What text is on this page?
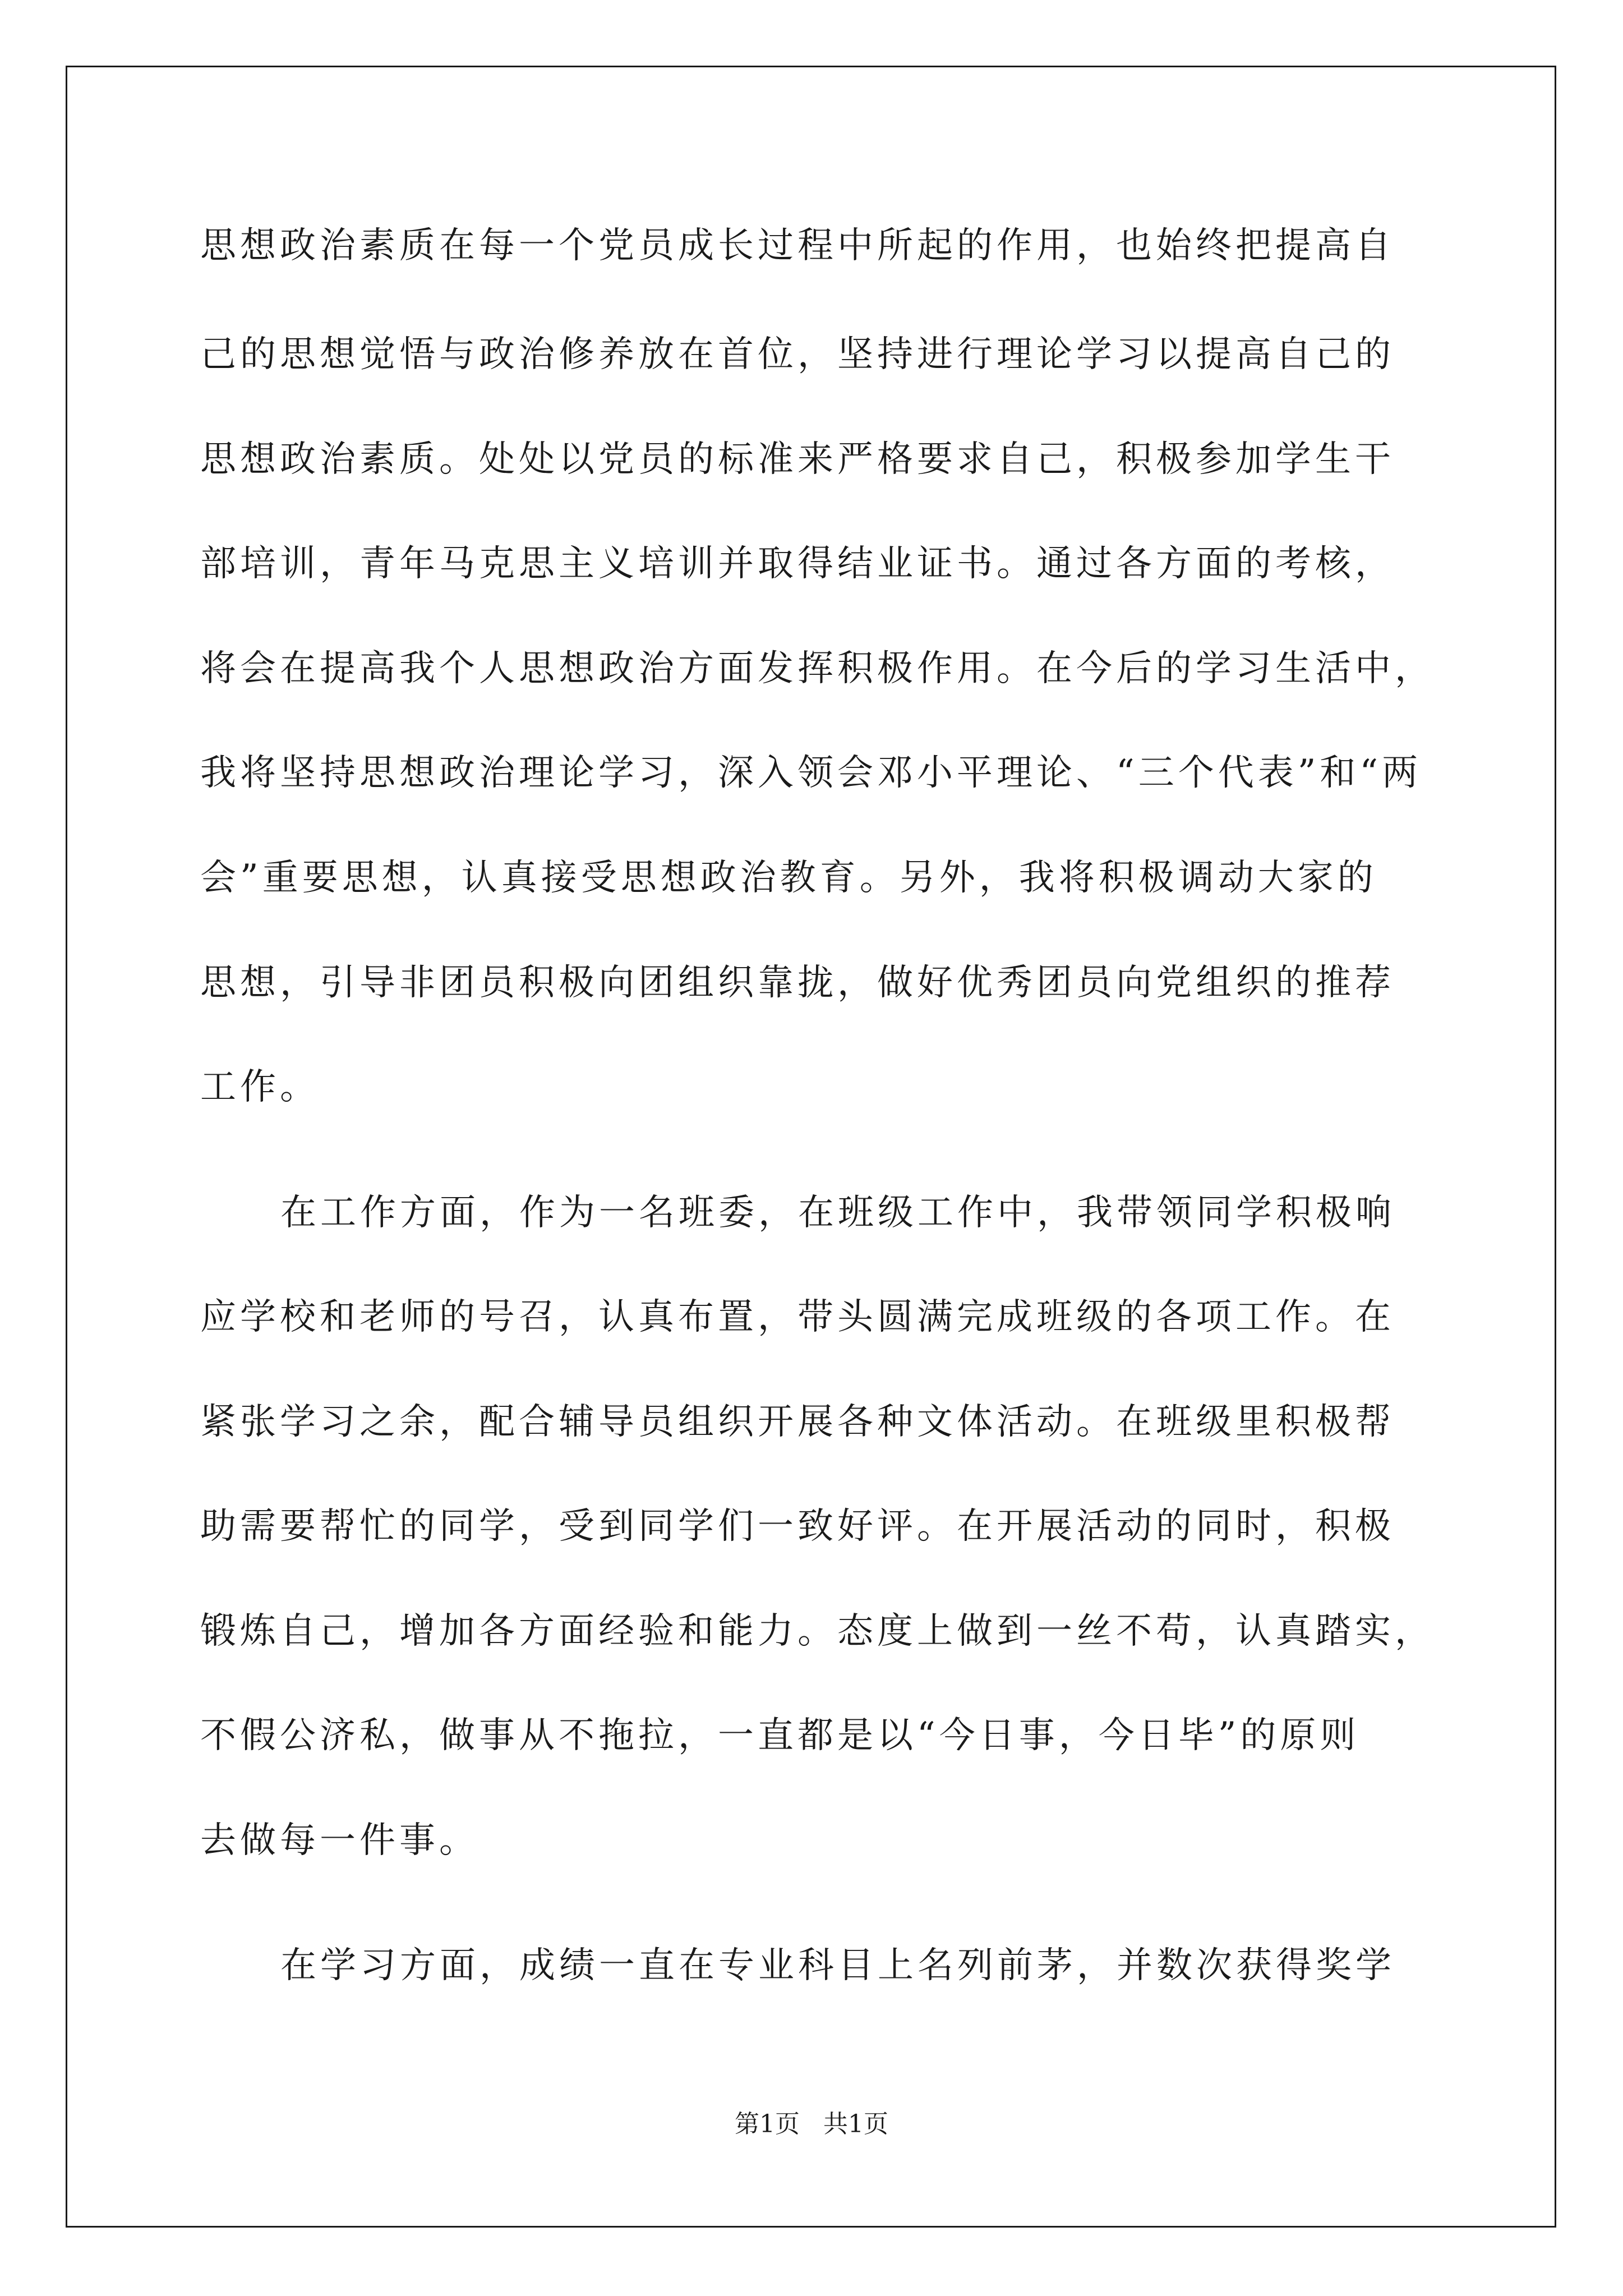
思想政治素质在每一个党员成长过程中所起的作用，也始终把提高自
己的思想觉悟与政治修养放在首位，坚持进行理论学习以提高自己的
思想政治素质。处处以党员的标准来严格要求自己，积极参加学生干
部培训，青年马克思主义培训并取得结业证书。通过各方面的考核，
将会在提高我个人思想政治方面发挥积极作用。在今后的学习生活中，
我将坚持思想政治理论学习，深入领会邓小平理论、“三个代表”和“两
会”重要思想，认真接受思想政治教育。另外，我将积极调动大家的
思想，引导非团员积极向团组织靠拢，做好优秀团员向党组织的推荐
工作。
在工作方面，作为一名班委，在班级工作中，我带领同学积极响
应学校和老师的号召，认真布置，带头圆满完成班级的各项工作。在
紧张学习之余，配合辅导员组织开展各种文体活动。在班级里积极帮
助需要帮忙的同学，受到同学们一致好评。在开展活动的同时，积极
锻炼自己，增加各方面经验和能力。态度上做到一丝不苟，认真踏实，
不假公济私，做事从不拖拉，一直都是以“今日事，今日毕”的原则
去做每一件事。
在学习方面，成绩一直在专业科目上名列前茅，并数次获得奖学
第1页   共1页
